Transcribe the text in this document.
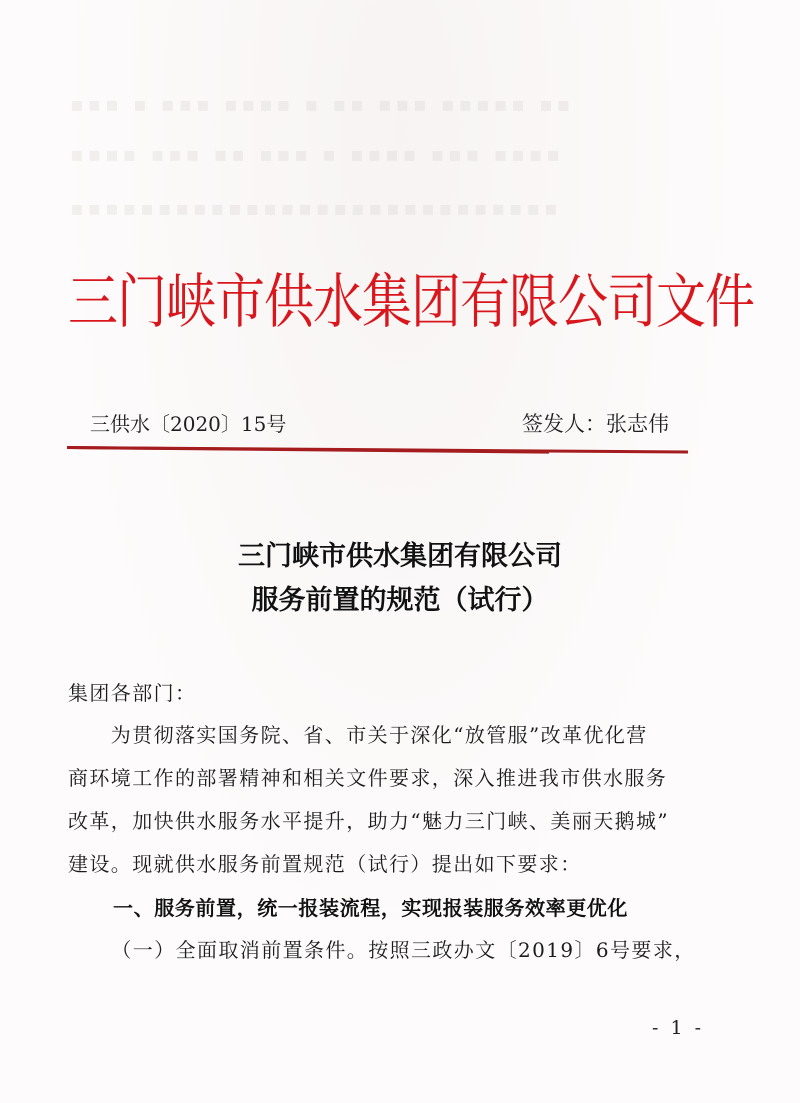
▪▪▪ ▪ ▪▪▪ ▪▪▪▪ ▪ ▪▪ ▪▪▪ ▪▪▪▪▪ ▪▪
▪▪▪▪ ▪▪▪ ▪▪ ▪▪▪ ▪ ▪▪▪▪ ▪▪▪ ▪▪▪▪
▪▪▪▪▪▪▪▪▪▪▪▪▪▪▪▪▪▪▪▪▪▪▪▪▪▪▪▪
三门峡市供水集团有限公司文件
三供水〔2020〕15号	签发人：张志伟
三门峡市供水集团有限公司
服务前置的规范（试行）
集团各部门：
　　为贯彻落实国务院、省、市关于深化“放管服”改革优化营
商环境工作的部署精神和相关文件要求，深入推进我市供水服务
改革，加快供水服务水平提升，助力“魅力三门峡、美丽天鹅城”
建设。现就供水服务前置规范（试行）提出如下要求：
一、服务前置，统一报装流程，实现报装服务效率更优化
　（一）全面取消前置条件。按照三政办文〔2019〕6号要求，
- 1 -
